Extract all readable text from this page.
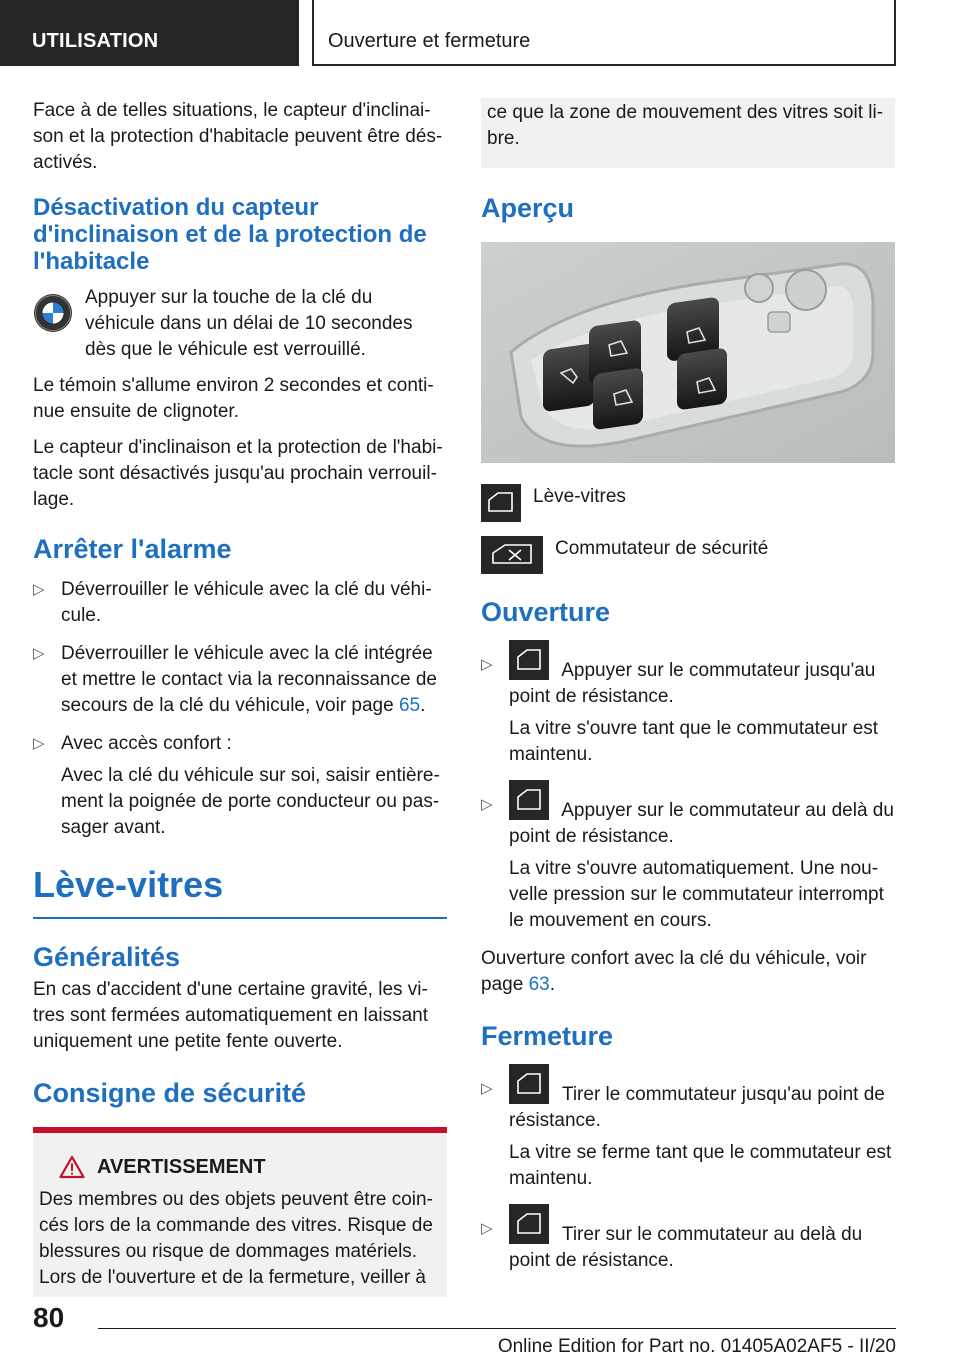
UTILISATION	Ouverture et fermeture
Face à de telles situations, le capteur d'inclinai-son et la protection d'habitacle peuvent être dés-activés.
Désactivation du capteur d'inclinaison et de la protection de l'habitacle
Appuyer sur la touche de la clé du véhicule dans un délai de 10 secondes dès que le véhicule est verrouillé.
Le témoin s'allume environ 2 secondes et conti-nue ensuite de clignoter.
Le capteur d'inclinaison et la protection de l'habi-tacle sont désactivés jusqu'au prochain verrouil-lage.
Arrêter l'alarme
▷ Déverrouiller le véhicule avec la clé du véhi-cule.
▷ Déverrouiller le véhicule avec la clé intégrée et mettre le contact via la reconnaissance de secours de la clé du véhicule, voir page 65.
▷ Avec accès confort :
Avec la clé du véhicule sur soi, saisir entière-ment la poignée de porte conducteur ou pas-sager avant.
Lève-vitres
Généralités
En cas d'accident d'une certaine gravité, les vi-tres sont fermées automatiquement en laissant uniquement une petite fente ouverte.
Consigne de sécurité
AVERTISSEMENT
Des membres ou des objets peuvent être coin-cés lors de la commande des vitres. Risque de blessures ou risque de dommages matériels. Lors de l'ouverture et de la fermeture, veiller à
ce que la zone de mouvement des vitres soit li-bre.
Aperçu
Lève-vitres
Commutateur de sécurité
Ouverture
▷	Appuyer sur le commutateur jusqu'au point de résistance.
La vitre s'ouvre tant que le commutateur est maintenu.
▷	Appuyer sur le commutateur au delà du point de résistance.
La vitre s'ouvre automatiquement. Une nou-velle pression sur le commutateur interrompt le mouvement en cours.
Ouverture confort avec la clé du véhicule, voir page 63.
Fermeture
▷	Tirer le commutateur jusqu'au point de résistance.
La vitre se ferme tant que le commutateur est maintenu.
▷	Tirer sur le commutateur au delà du point de résistance.
80
Online Edition for Part no. 01405A02AF5 - II/20
